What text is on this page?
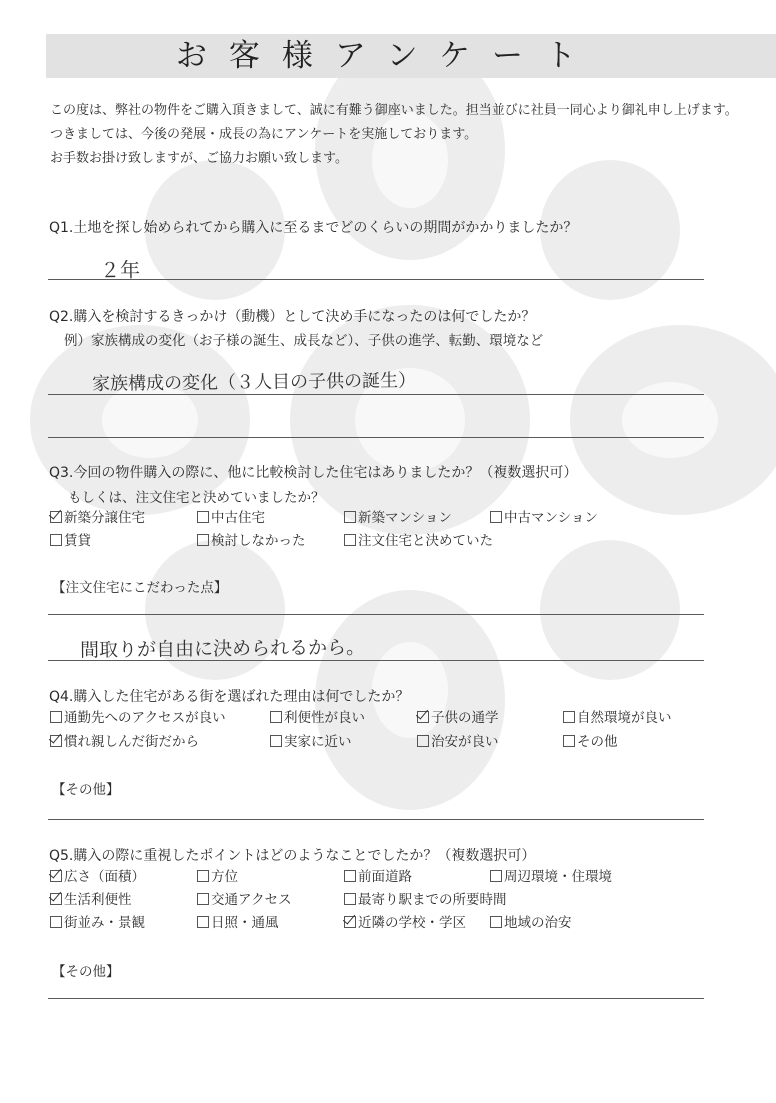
お客様アンケート
この度は、弊社の物件をご購入頂きまして、誠に有難う御座いました。担当並びに社員一同心より御礼申し上げます。
つきましては、今後の発展・成長の為にアンケートを実施しております。
お手数お掛け致しますが、ご協力お願い致します。
Q1.土地を探し始められてから購入に至るまでどのくらいの期間がかかりましたか？
２年
Q2.購入を検討するきっかけ（動機）として決め手になったのは何でしたか？
例）家族構成の変化（お子様の誕生、成長など）、子供の進学、転勤、環境など
家族構成の変化（３人目の子供の誕生）
Q3.今回の物件購入の際に、他に比較検討した住宅はありましたか？（複数選択可）
もしくは、注文住宅と決めていましたか？
新築分譲住宅	中古住宅	新築マンション	中古マンション
賃貸	検討しなかった	注文住宅と決めていた
【注文住宅にこだわった点】
間取りが自由に決められるから。
Q4.購入した住宅がある街を選ばれた理由は何でしたか？
通勤先へのアクセスが良い	利便性が良い	子供の通学	自然環境が良い
慣れ親しんだ街だから	実家に近い	治安が良い	その他
【その他】
Q5.購入の際に重視したポイントはどのようなことでしたか？（複数選択可）
広さ（面積）	方位	前面道路	周辺環境・住環境
生活利便性	交通アクセス	最寄り駅までの所要時間
街並み・景観	日照・通風	近隣の学校・学区	地域の治安
【その他】
